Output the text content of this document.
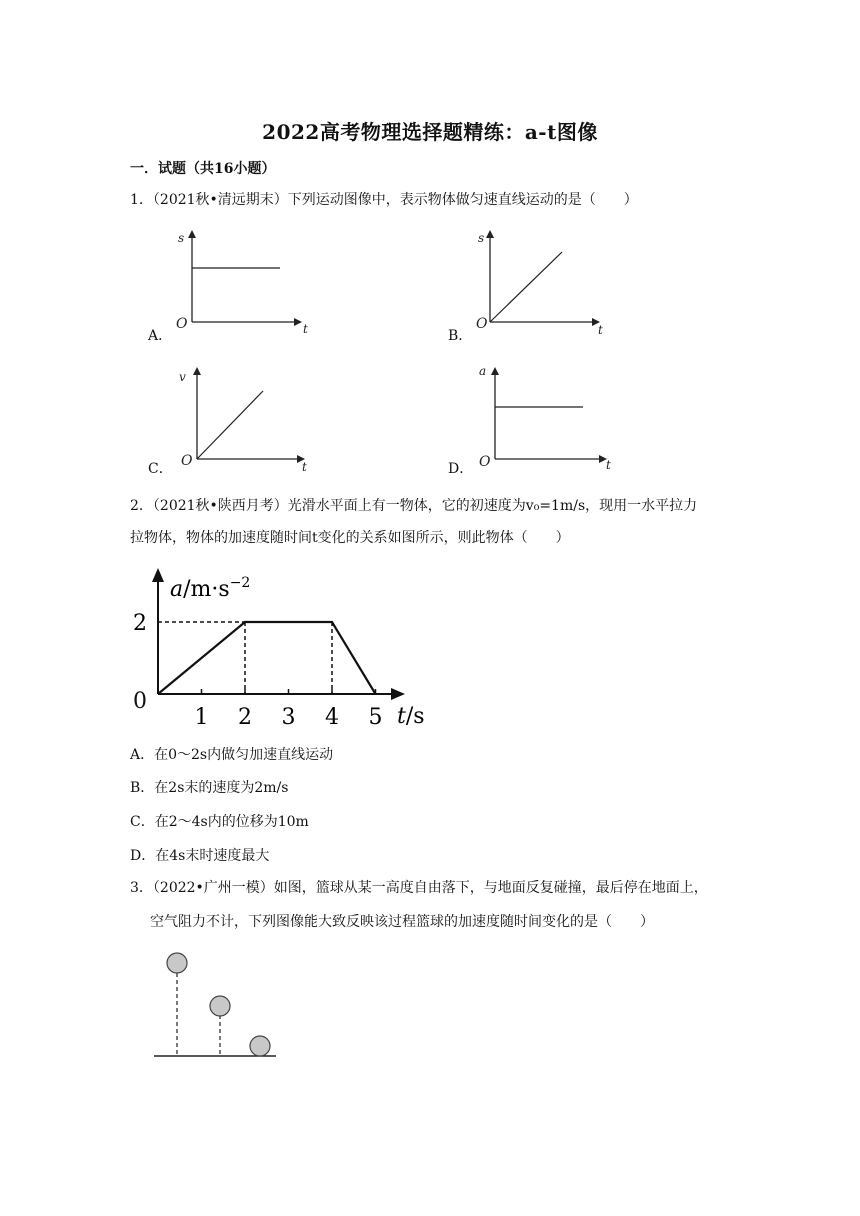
2022高考物理选择题精练：a-t图像
一．试题（共16小题）
1．（2021秋•清远期末）下列运动图像中，表示物体做匀速直线运动的是（　　）
s
t
O
A．
s
t
O
B．
v
t
O
C．
a
t
O
D．
2．（2021秋•陕西月考）光滑水平面上有一物体，它的初速度为v₀=1m/s，现用一水平拉力
拉物体，物体的加速度随时间t变化的关系如图所示，则此物体（　　）
1 2 3 4 5
2
0
$a/m\cdot s^{-2}$
t/s
A．在0～2s内做匀加速直线运动
B．在2s末的速度为2m/s
C．在2～4s内的位移为10m
D．在4s末时速度最大
3．（2022•广州一模）如图，篮球从某一高度自由落下，与地面反复碰撞，最后停在地面上，
空气阻力不计，下列图像能大致反映该过程篮球的加速度随时间变化的是（　　）
